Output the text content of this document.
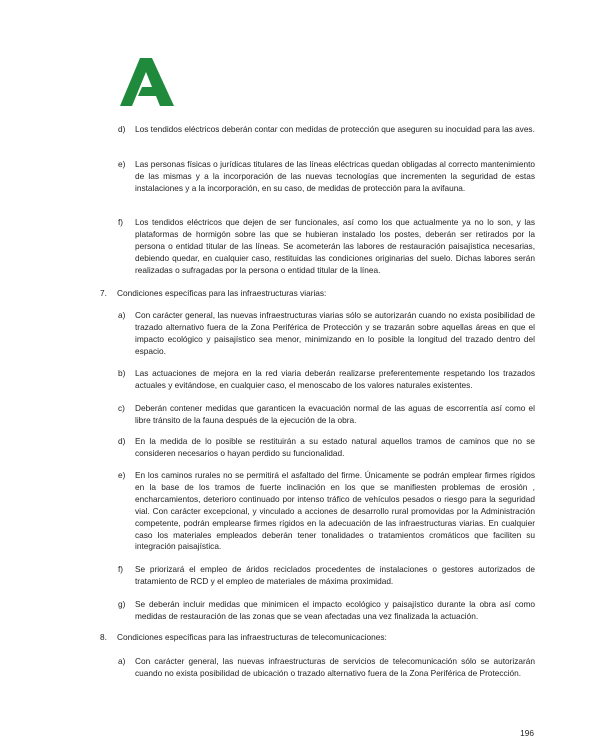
d) Los tendidos eléctricos deberán contar con medidas de protección que aseguren su inocuidad para las aves.
e) Las personas físicas o jurídicas titulares de las líneas eléctricas quedan obligadas al correcto mantenimiento de las mismas y a la incorporación de las nuevas tecnologías que incrementen la seguridad de estas instalaciones y a la incorporación, en su caso, de medidas de protección para la avifauna.
f) Los tendidos eléctricos que dejen de ser funcionales, así como los que actualmente ya no lo son, y las plataformas de hormigón sobre las que se hubieran instalado los postes, deberán ser retirados por la persona o entidad titular de las líneas. Se acometerán las labores de restauración paisajística necesarias, debiendo quedar, en cualquier caso, restituidas las condiciones originarias del suelo. Dichas labores serán realizadas o sufragadas por la persona o entidad titular de la línea.
7. Condiciones específicas para las infraestructuras viarias:
a) Con carácter general, las nuevas infraestructuras viarias sólo se autorizarán cuando no exista posibilidad de trazado alternativo fuera de la Zona Periférica de Protección y se trazarán sobre aquellas áreas en que el impacto ecológico y paisajístico sea menor, minimizando en lo posible la longitud del trazado dentro del espacio.
b) Las actuaciones de mejora en la red viaria deberán realizarse preferentemente respetando los trazados actuales y evitándose, en cualquier caso, el menoscabo de los valores naturales existentes.
c) Deberán contener medidas que garanticen la evacuación normal de las aguas de escorrentía así como el libre tránsito de la fauna después de la ejecución de la obra.
d) En la medida de lo posible se restituirán a su estado natural aquellos tramos de caminos que no se consideren necesarios o hayan perdido su funcionalidad.
e) En los caminos rurales no se permitirá el asfaltado del firme. Únicamente se podrán emplear firmes rígidos en la base de los tramos de fuerte inclinación en los que se manifiesten problemas de erosión , encharcamientos, deterioro continuado por intenso tráfico de vehículos pesados o riesgo para la seguridad vial. Con carácter excepcional, y vinculado a acciones de desarrollo rural promovidas por la Administración competente, podrán emplearse firmes rígidos en la adecuación de las infraestructuras viarias. En cualquier caso los materiales empleados deberán tener tonalidades o tratamientos cromáticos que faciliten su integración paisajística.
f) Se priorizará el empleo de áridos reciclados procedentes de instalaciones o gestores autorizados de tratamiento de RCD y el empleo de materiales de máxima proximidad.
g) Se deberán incluir medidas que minimicen el impacto ecológico y paisajístico durante la obra así como medidas de restauración de las zonas que se vean afectadas una vez finalizada la actuación.
8. Condiciones específicas para las infraestructuras de telecomunicaciones:
a) Con carácter general, las nuevas infraestructuras de servicios de telecomunicación sólo se autorizarán cuando no exista posibilidad de ubicación o trazado alternativo fuera de la Zona Periférica de Protección.
196
